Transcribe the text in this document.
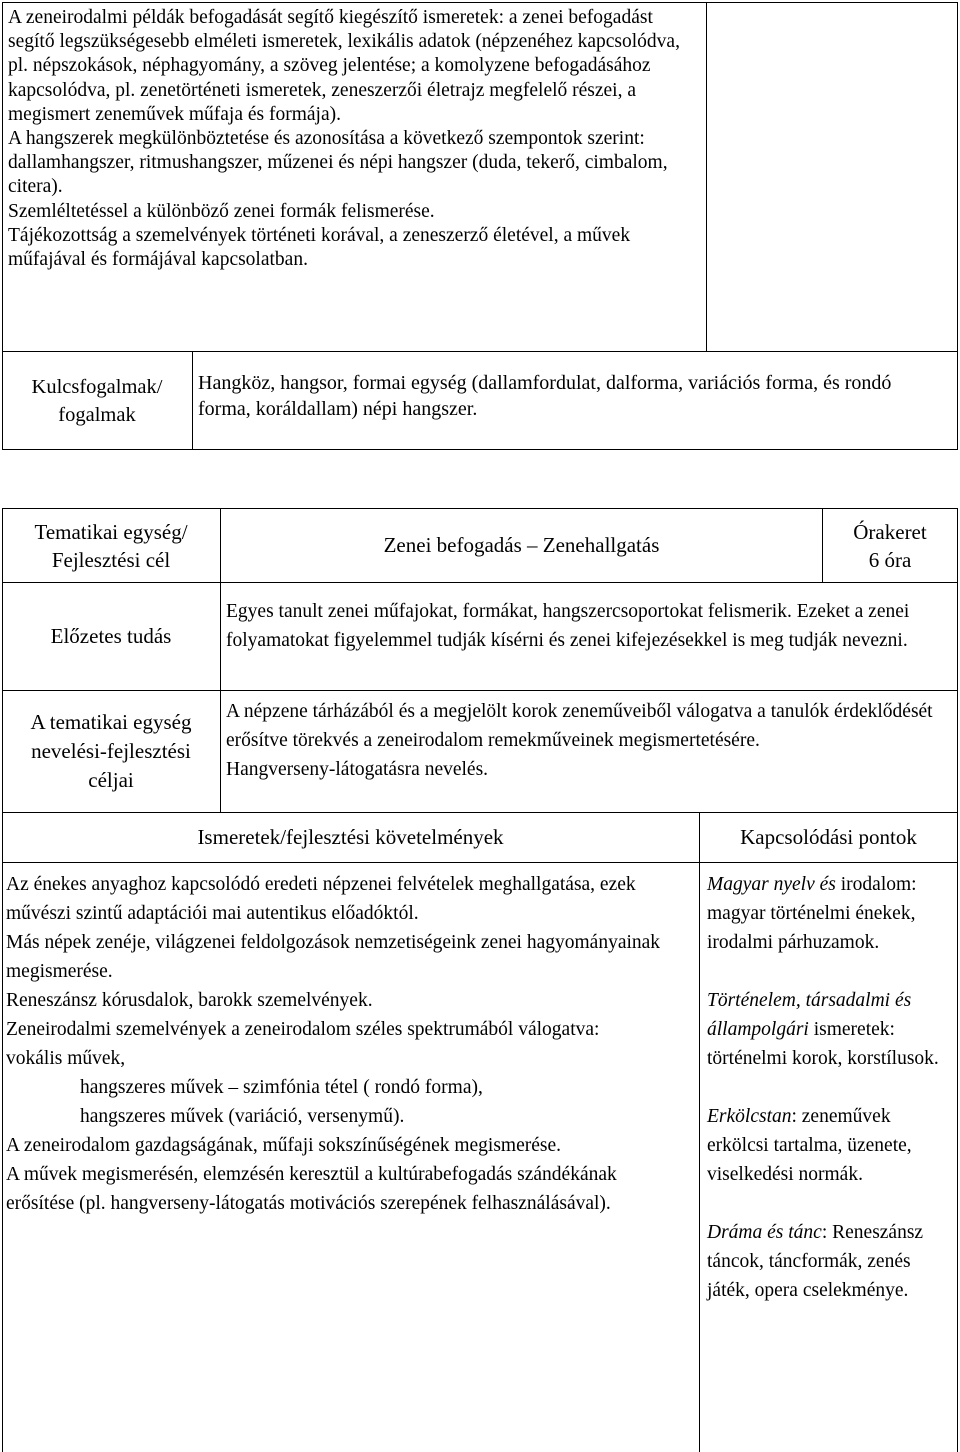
A zeneirodalmi példák befogadását segítő kiegészítő ismeretek: a zenei befogadást segítő legszükségesebb elméleti ismeretek, lexikális adatok (népzenéhez kapcsolódva, pl. népszokások, néphagyomány, a szöveg jelentése; a komolyzene befogadásához kapcsolódva, pl. zenetörténeti ismeretek, zeneszerzői életrajz megfelelő részei, a megismert zeneművek műfaja és formája).

A hangszerek megkülönböztetése és azonosítása a következő szempontok szerint: dallamhangszer, ritmushangszer, műzenei és népi hangszer (duda, tekerő, cimbalom, citera).

Szemléltetéssel a különböző zenei formák felismerése.

Tájékozottság a szemelvények történeti korával, a zeneszerző életével, a művek műfajával és formájával kapcsolatban.

Kulcsfogalmak/
fogalmak
Hangköz, hangsor, formai egység (dallamfordulat, dalforma, variációs forma, és rondó forma, koráldallam) népi hangszer.
Tematikai egység/
Fejlesztési cél
Zenei befogadás – Zenehallgatás
Órakeret
6 óra
Előzetes tudás
Egyes tanult zenei műfajokat, formákat, hangszercsoportokat felismerik. Ezeket a zenei folyamatokat figyelemmel tudják kísérni és zenei kifejezésekkel is meg tudják nevezni.
A tematikai egység
nevelési-fejlesztési
céljai

A népzene tárházából és a megjelölt korok zeneműveiből válogatva a tanulók érdeklődését erősítve törekvés a zeneirodalom remekműveinek megismertetésére.

Hangverseny-látogatásra nevelés.

Ismeretek/fejlesztési követelmények	Kapcsolódási pontok

Az énekes anyaghoz kapcsolódó eredeti népzenei felvételek meghallgatása, ezek művészi szintű adaptációi mai autentikus előadóktól.

Más népek zenéje, világzenei feldolgozások nemzetiségeink zenei hagyományainak megismerése.

Reneszánsz kórusdalok, barokk szemelvények.

Zeneirodalmi szemelvények a zeneirodalom széles spektrumából válogatva:

vokális művek,

hangszeres művek – szimfónia tétel ( rondó forma),

hangszeres művek (variáció, versenymű).

A zeneirodalom gazdagságának, műfaji sokszínűségének megismerése.

A művek megismerésén, elemzésén keresztül a kultúrabefogadás szándékának erősítése (pl. hangverseny-látogatás motivációs szerepének felhasználásával).

Magyar nyelv és irodalom: magyar történelmi énekek, irodalmi párhuzamok.

Történelem, társadalmi és állampolgári ismeretek: történelmi korok, korstílusok.

Erkölcstan: zeneművek erkölcsi tartalma, üzenete, viselkedési normák.

Dráma és tánc: Reneszánsz táncok, táncformák, zenés játék, opera cselekménye.
